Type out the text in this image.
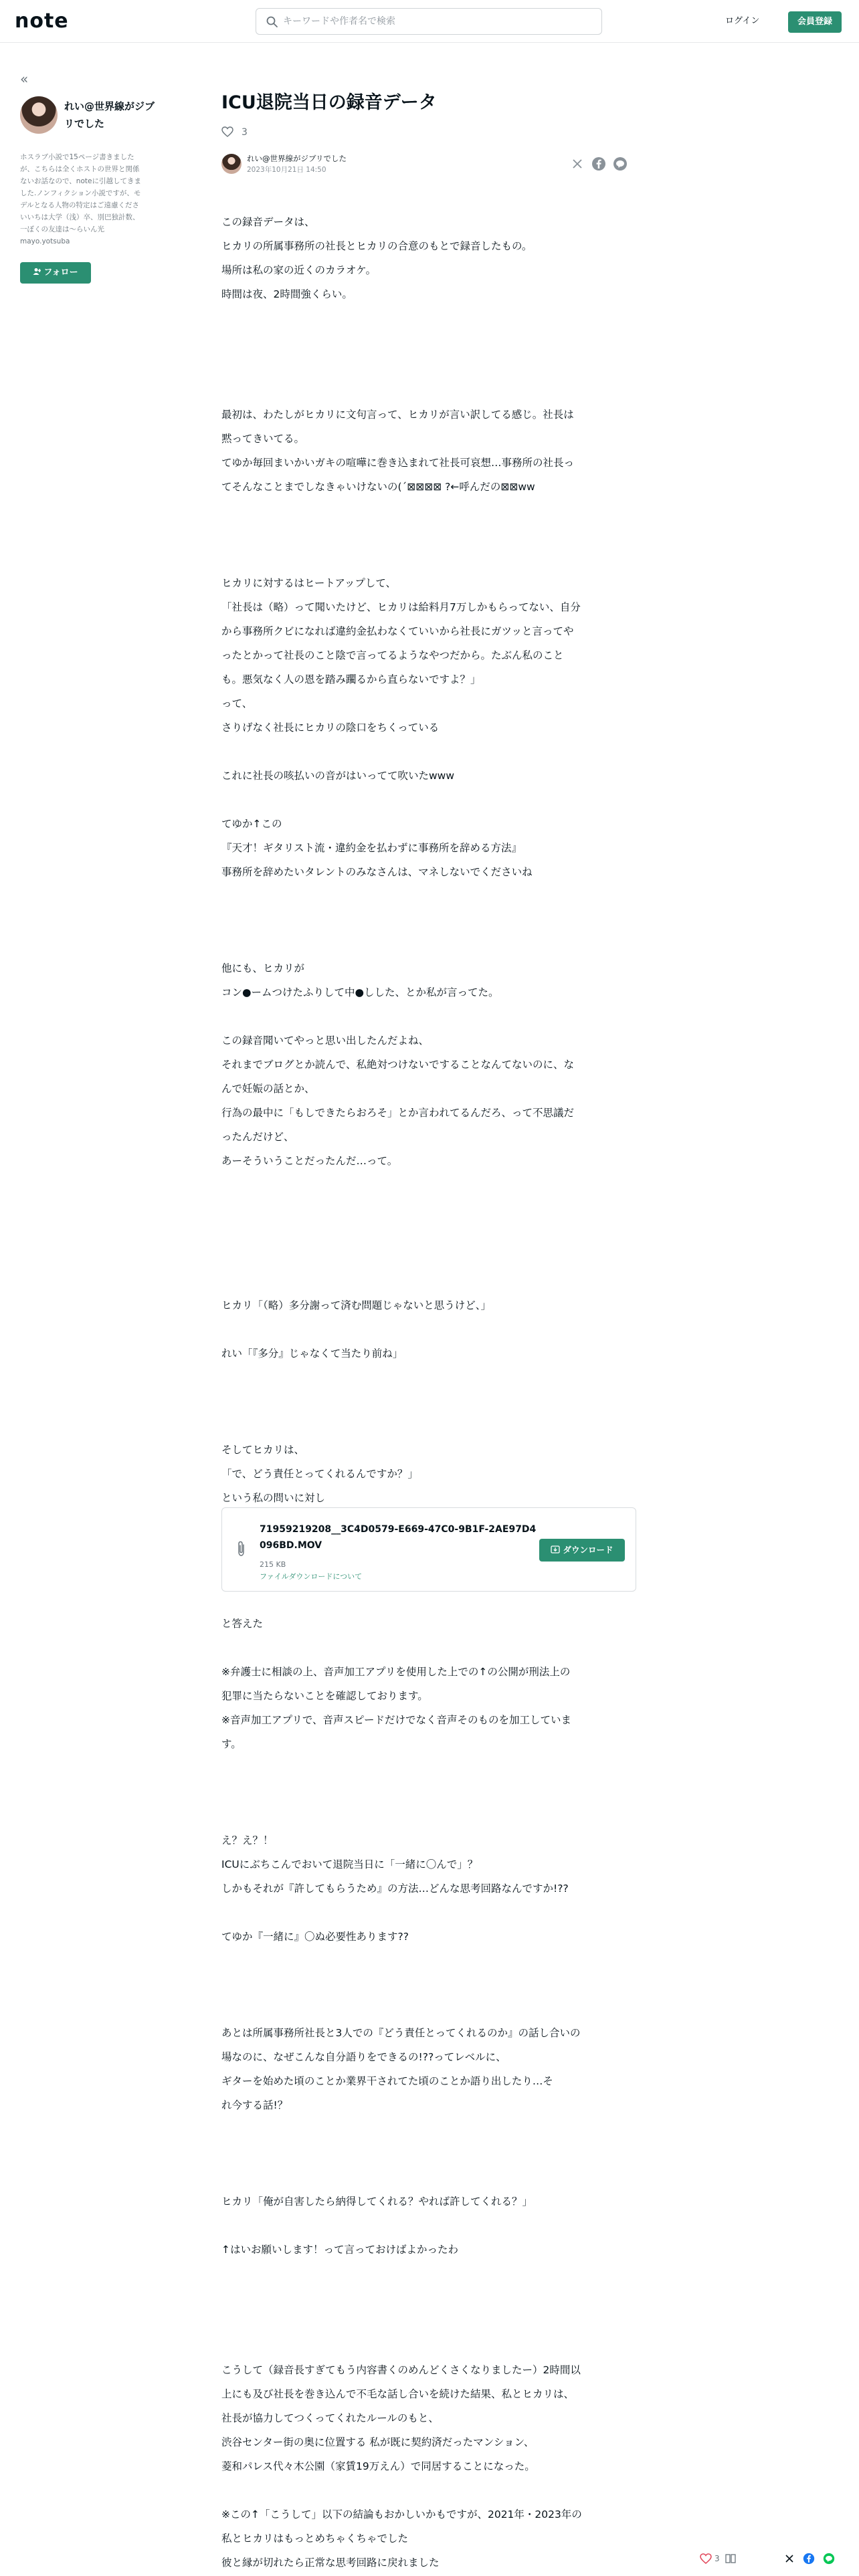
note
キーワードや作者名で検索	ログイン	会員登録
«
れい@世界線がジブリでした
ホスラブ小説で15ページ書きましたが、こちらは全くホストの世界と関係ないお話なので、noteに引越してきました.ノンフィクション小説ですが、モデルとなる人物の特定はご遠慮くださいいちは大学（浅）卒、別巴独計数、一ぼくの友達は～らいん光 mayo.yotsuba
フォロー
ICU退院当日の録音データ
3
れい@世界線がジブリでした
2023年10月21日 14:50

この録音データは、

ヒカリの所属事務所の社長とヒカリの合意のもとで録音したもの。

場所は私の家の近くのカラオケ。

時間は夜、2時間強くらい。

最初は、わたしがヒカリに文句言って、ヒカリが言い訳してる感じ。社長は

黙ってきいてる。

てゆか毎回まいかいガキの喧嘩に巻き込まれて社長可哀想…事務所の社長っ

てそんなことまでしなきゃいけないの(´⊠⊠⊠⊠ ?←呼んだの⊠⊠ww

ヒカリに対するはヒートアップして、

「社長は（略）って聞いたけど、ヒカリは給料月7万しかもらってない、自分

から事務所クビになれば違約金払わなくていいから社長にガツッと言ってや

ったとかって社長のこと陰で言ってるようなやつだから。たぶん私のこと

も。悪気なく人の恩を踏み躙るから直らないですよ？」

って、

さりげなく社長にヒカリの陰口をちくっている

これに社長の咳払いの音がはいってて吹いたwww

てゆか↑この

『天才！ギタリスト流・違約金を払わずに事務所を辞める方法』

事務所を辞めたいタレントのみなさんは、マネしないでくださいね

他にも、ヒカリが

コン●ームつけたふりして中●しした、とか私が言ってた。

この録音聞いてやっと思い出したんだよね、

それまでブログとか読んで、私絶対つけないですることなんてないのに、な

んで妊娠の話とか、

行為の最中に「もしできたらおろそ」とか言われてるんだろ、って不思議だ

ったんだけど、

あーそういうことだったんだ…って。

ヒカリ「（略）多分謝って済む問題じゃないと思うけど、」

れい「『多分』じゃなくて当たり前ね」

そしてヒカリは、

「で、どう責任とってくれるんですか？」

という私の問いに対し

71959219208__3C4D0579-E669-47C0-9B1F-2AE97D4096BD.MOV
215 KB
ファイルダウンロードについて
ダウンロード

と答えた

※弁護士に相談の上、音声加工アプリを使用した上での↑の公開が刑法上の

犯罪に当たらないことを確認しております。

※音声加工アプリで、音声スピードだけでなく音声そのものを加工していま

す。

え？え？！

ICUにぶちこんでおいて退院当日に「一緒に〇んで」？

しかもそれが『許してもらうため』の方法…どんな思考回路なんですか!??

てゆか『一緒に』〇ぬ必要性あります??

あとは所属事務所社長と3人での『どう責任とってくれるのか』の話し合いの

場なのに、なぜこんな自分語りをできるの!??ってレベルに、

ギターを始めた頃のことか業界干されてた頃のことか語り出したり…そ

れ今する話!？

ヒカリ「俺が自害したら納得してくれる？やれば許してくれる？」

↑はいお願いします！って言っておけばよかったわ

こうして（録音長すぎてもう内容書くのめんどくさくなりましたー）2時間以

上にも及び社長を巻き込んで不毛な話し合いを続けた結果、私とヒカリは、

社長が協力してつくってくれたルールのもと、

渋谷センター街の奥に位置する 私が既に契約済だったマンション、

菱和パレス代々木公園（家賃19万えん）で同居することになった。

※この↑「こうして」以下の結論もおかしいかもですが、2021年・2023年の

私とヒカリはもっとめちゃくちゃでした

彼と縁が切れたら正常な思考回路に戻れました	3
